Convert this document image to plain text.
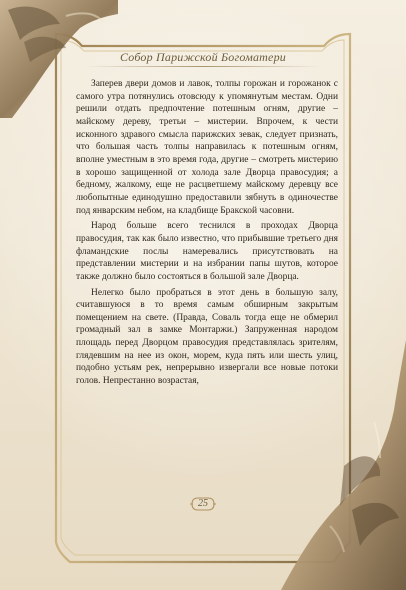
Собор Парижской Богоматери

Заперев двери домов и лавок, толпы горожан и горожанок с самого утра потянулись отовсюду к упомянутым местам. Одни решили отдать предпочтение потешным огням, другие – майскому дереву, третьи – мистерии. Впрочем, к чести исконного здравого смысла парижских зевак, следует признать, что большая часть толпы направилась к потешным огням, вполне уместным в это время года, другие – смотреть мистерию в хорошо защищенной от холода зале Дворца правосудия; а бедному, жалкому, еще не расцветшему майскому деревцу все любопытные единодушно предоставили зябнуть в одиночестве под январским небом, на кладбище Бракской часовни.

Народ больше всего теснился в проходах Дворца правосудия, так как было известно, что прибывшие третьего дня фламандские послы намеревались присутствовать на представлении мистерии и на избрании папы шутов, которое также должно было состояться в большой зале Дворца.

Нелегко было пробраться в этот день в большую залу, считавшуюся в то время самым обширным закрытым помещением на свете. (Правда, Соваль тогда еще не обмерил громадный зал в замке Монтаржи.) Запруженная народом площадь перед Дворцом правосудия представлялась зрителям, глядевшим на нее из окон, морем, куда пять или шесть улиц, подобно устьям рек, непрерывно извергали все новые потоки голов. Непрестанно возрастая,

25
